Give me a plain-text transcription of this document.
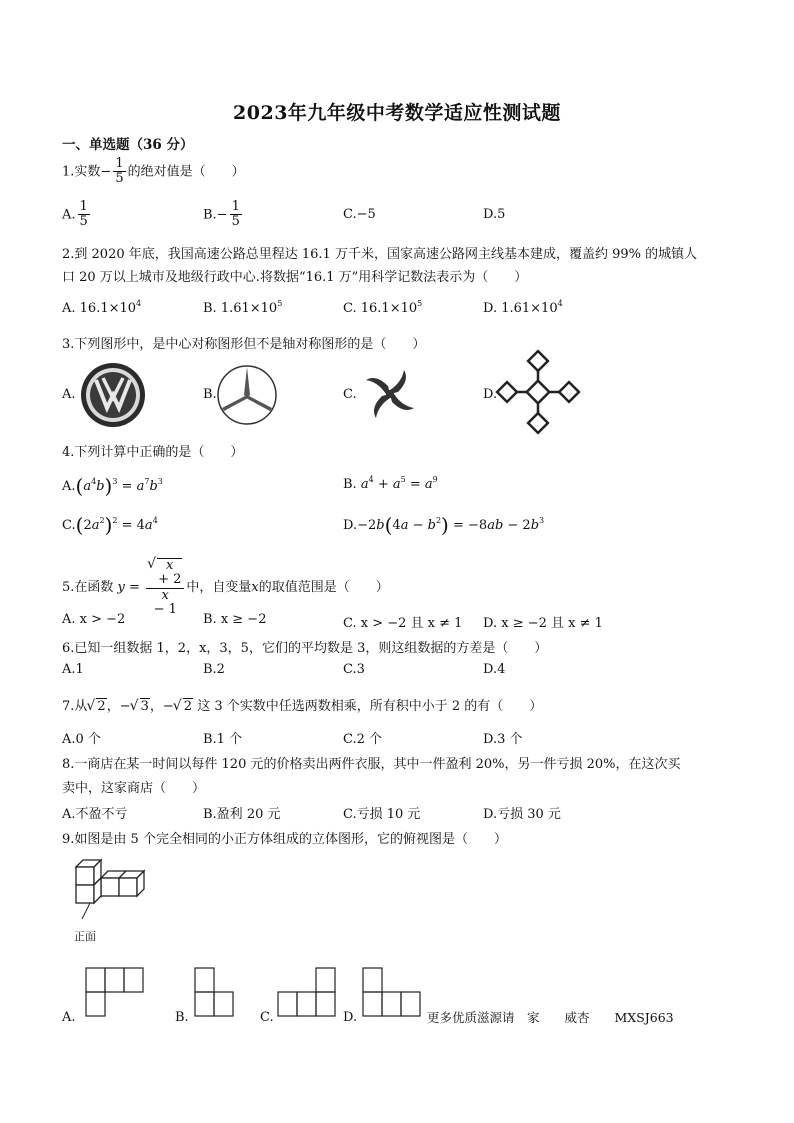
2023年九年级中考数学适应性测试题
一、单选题（36 分）
1.实数− $\frac{1}{5}$ 的绝对值是（　　）
A. $\frac{1}{5}$	$B.- \frac{1}{5}$	C.−5	D.5
2.到 2020 年底，我国高速公路总里程达 16.1 万千米，国家高速公路网主线基本建成，覆盖约 99% 的城镇人
口 20 万以上城市及地级行政中心.将数据“16.1 万”用科学记数法表示为（　　）
A. $16.1\times 10^4$	B. $1.61\times 10^5$	C. $16.1\times 10^5$	D. $1.61\times 10^4$
3.下列图形中，是中心对称图形但不是轴对称图形的是（　　）
A.	B.	C.	D.
4.下列计算中正确的是（　　）
$A.(a^4b)^3 = a^7b^3$	B. $a^4 + a^5 = a^9$
$C.(2a^2)^2 = 4a^4$	$D.-2b(4a - b^2) = -8ab - 2b^3$
5.在函数 y = √ x
+ 2
x
− 1 中，自变量x的取值范围是（　　）
A. x > −2	B. x ≥ −2	C. x > −2 且 x ≠ 1 D. x ≥ −2 且 x ≠ 1
6.已知一组数据 1，2，x，3，5，它们的平均数是 3，则这组数据的方差是（　　）
A.1	B.2	C.3	D.4
7.从 √ 2，− √ 3，− √ 2 这 3 个实数中任选两数相乘，所有积中小于 2 的有（　　）
A.0 个	B.1 个	C.2 个	D.3 个
8.一商店在某一时间以每件 120 元的价格卖出两件衣服，其中一件盈利 20%，另一件亏损 20%，在这次买
卖中，这家商店（　　）
A.不盈不亏	B.盈利 20 元	C.亏损 10 元	D.亏损 30 元
9.如图是由 5 个完全相同的小正方体组成的立体图形，它的俯视图是（　　）
正面
A.	B.	C.	D.	更多优质滋源请　家　　威杏　　MXSJ663
